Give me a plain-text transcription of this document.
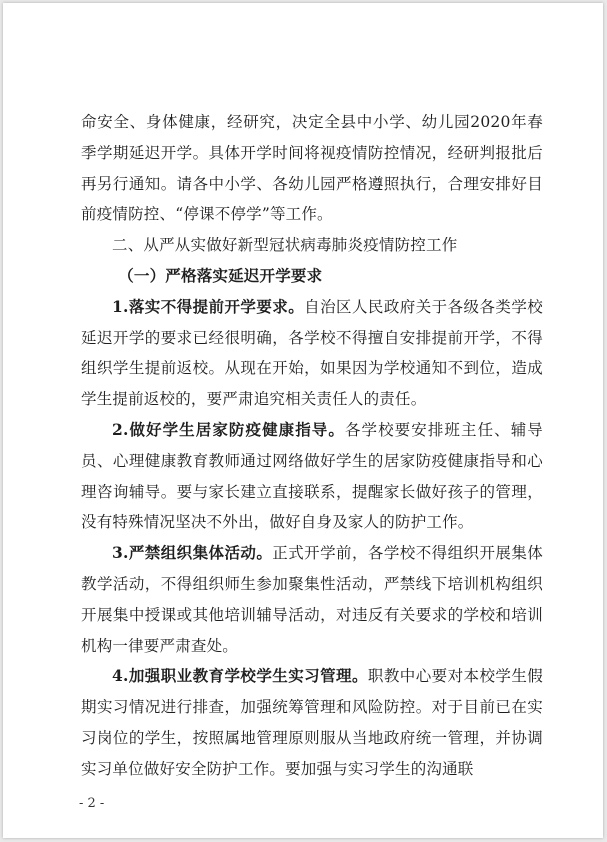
命安全、身体健康，经研究，决定全县中小学、幼儿园2020年春季学期延迟开学。具体开学时间将视疫情防控情况，经研判报批后再另行通知。请各中小学、各幼儿园严格遵照执行，合理安排好目前疫情防控、“停课不停学”等工作。

二、从严从实做好新型冠状病毒肺炎疫情防控工作

（一）严格落实延迟开学要求

1.落实不得提前开学要求。自治区人民政府关于各级各类学校延迟开学的要求已经很明确，各学校不得擅自安排提前开学，不得组织学生提前返校。从现在开始，如果因为学校通知不到位，造成学生提前返校的，要严肃追究相关责任人的责任。

2.做好学生居家防疫健康指导。各学校要安排班主任、辅导员、心理健康教育教师通过网络做好学生的居家防疫健康指导和心理咨询辅导。要与家长建立直接联系，提醒家长做好孩子的管理，没有特殊情况坚决不外出，做好自身及家人的防护工作。

3.严禁组织集体活动。正式开学前，各学校不得组织开展集体教学活动，不得组织师生参加聚集性活动，严禁线下培训机构组织开展集中授课或其他培训辅导活动，对违反有关要求的学校和培训机构一律要严肃查处。

4.加强职业教育学校学生实习管理。职教中心要对本校学生假期实习情况进行排查，加强统筹管理和风险防控。对于目前已在实习岗位的学生，按照属地管理原则服从当地政府统一管理，并协调实习单位做好安全防护工作。要加强与实习学生的沟通联

- 2 -
